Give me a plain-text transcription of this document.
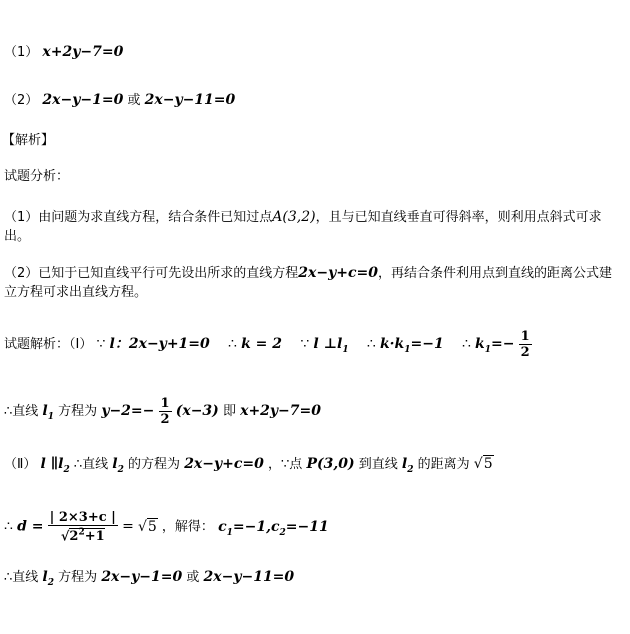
（1） x+2y−7=0
（2） 2x−y−1=0 或 2x−y−11=0
【解析】
试题分析：
（1）由问题为求直线方程，结合条件已知过点A(3,2)，且与已知直线垂直可得斜率，则利用点斜式可求出。
（2）已知于已知直线平行可先设出所求的直线方程2x−y+c=0，再结合条件利用点到直线的距离公式建立方程可求出直线方程。
试题解析：（Ⅰ） ∵ l：2x−y+1=0 ∴ k = 2 ∵ l $\perp l_1$ ∴ $k\cdot k_1=-1$ ∴ $k_1=- \frac{1}{2}$
∴直线 $l_1$ 方程为 $y-2=- \frac{1}{2} (x-3)$ 即 x+2y−7=0
（Ⅱ） l $\parallel l_2$ ∴直线 $l_2$ 的方程为 2x−y+c=0 ，∵点 P(3,0) 到直线 $l_2$ 的距离为 √5
∴ $d = \frac{| 2\times 3+c |}{√2^2+1} = √5$ ，解得： $c_1=-1,c_2=-11$
∴直线 $l_2$ 方程为 2x−y−1=0 或 2x−y−11=0
